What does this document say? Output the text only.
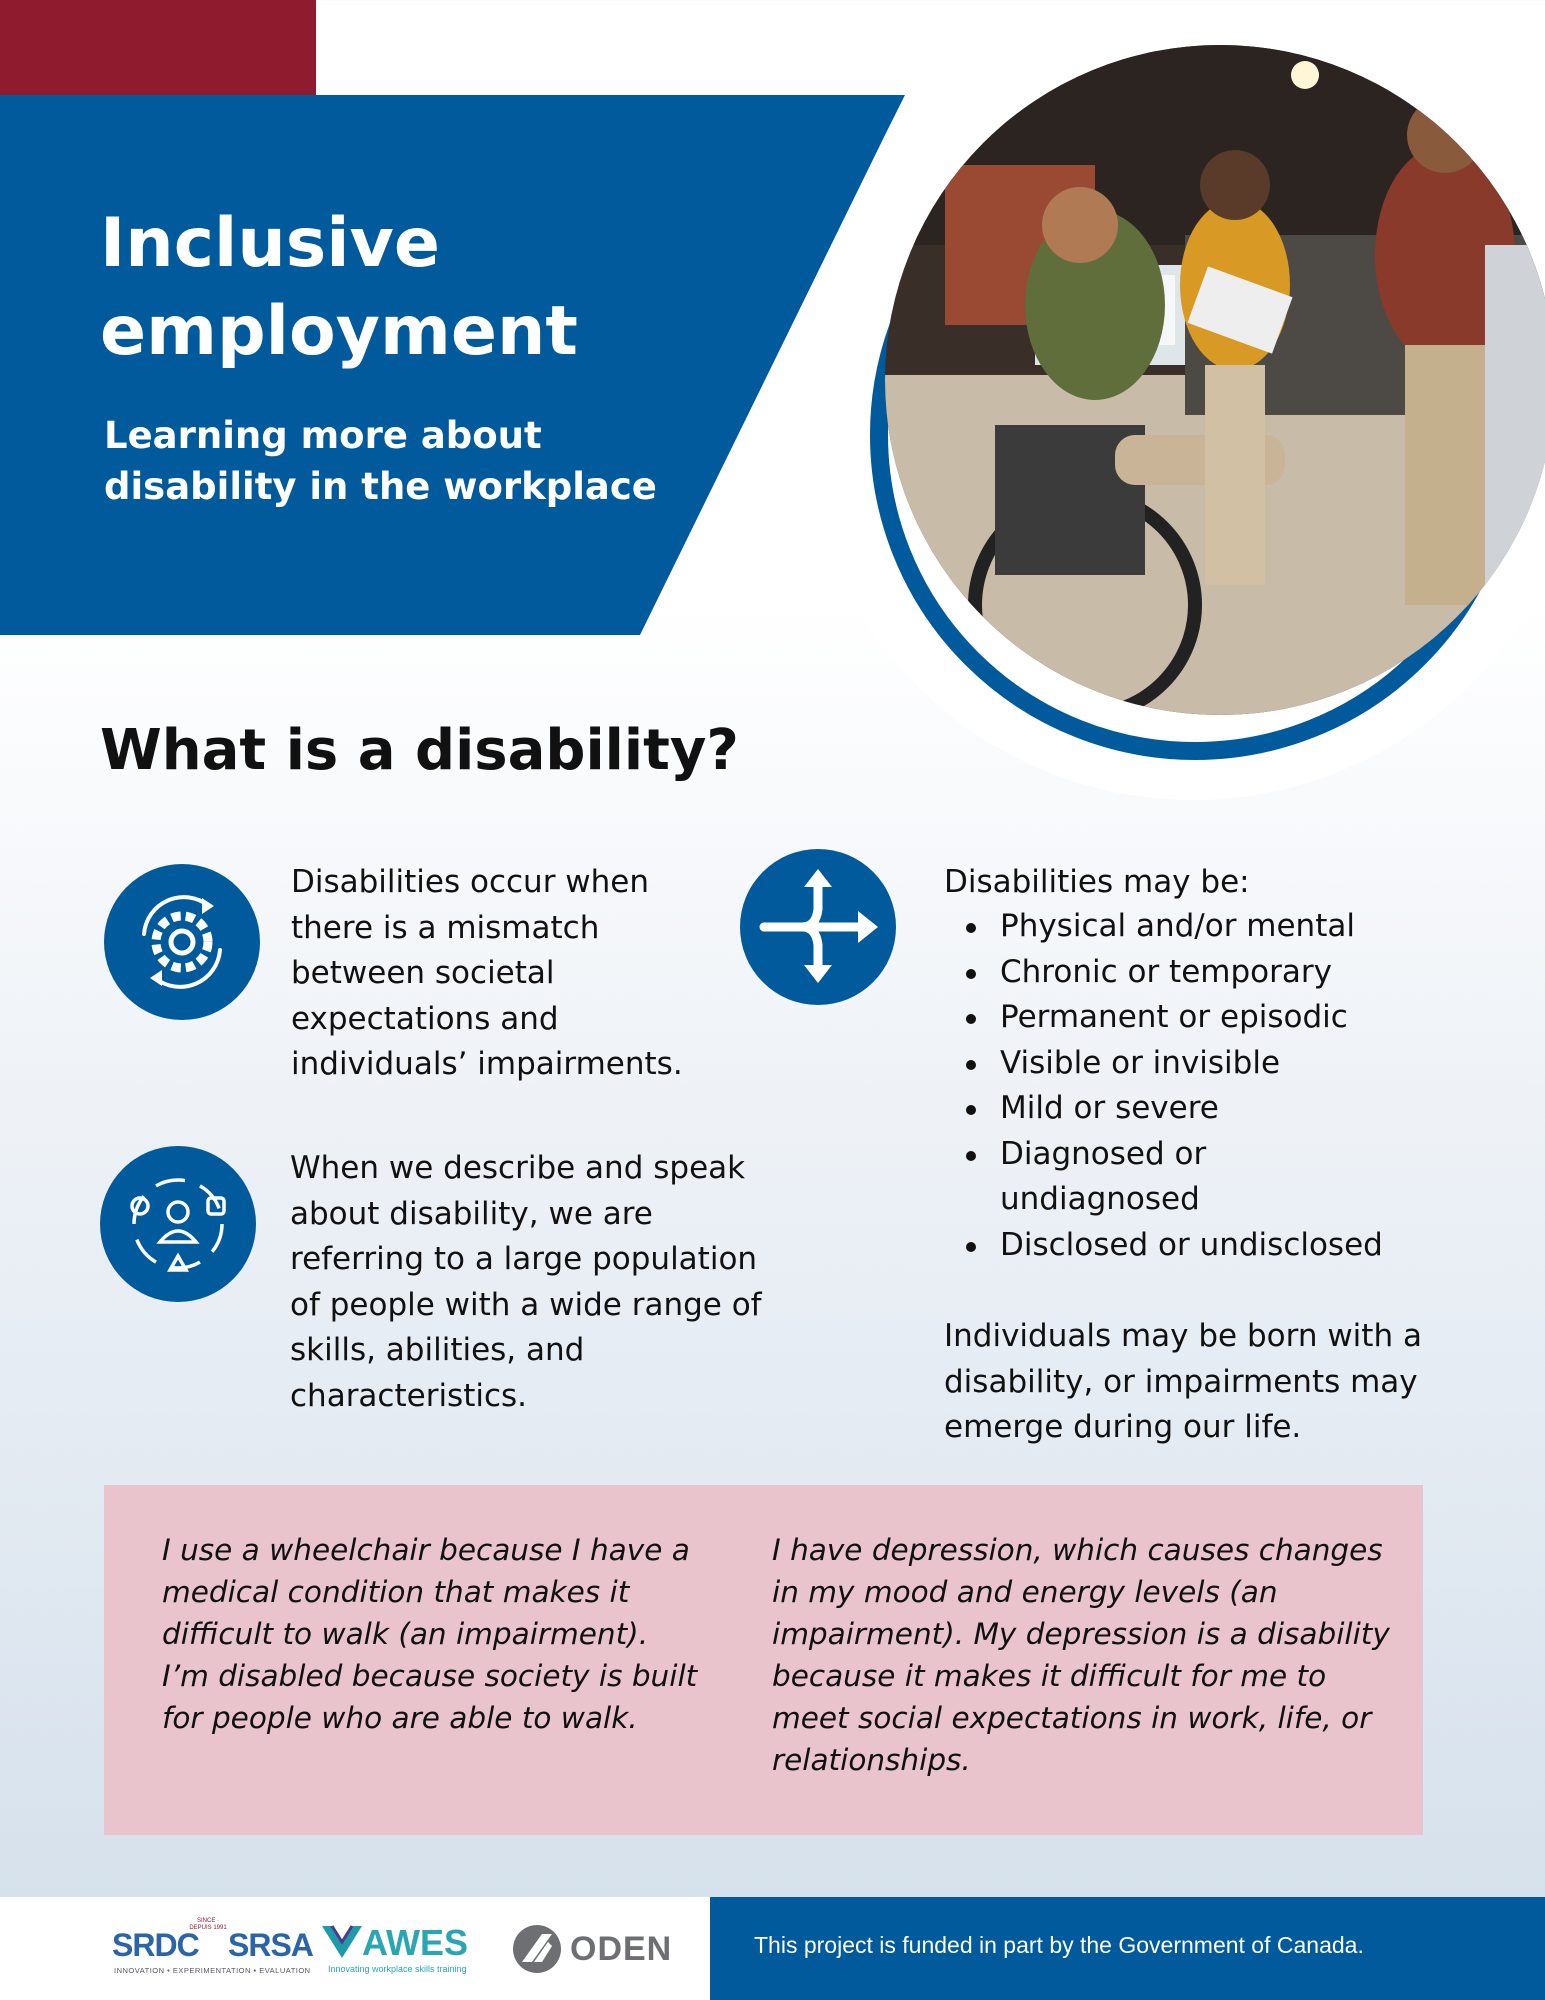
Inclusive employment
Learning more about disability in the workplace
What is a disability?
Disabilities occur when there is a mismatch between societal expectations and individuals’ impairments.
When we describe and speak about disability, we are referring to a large population of people with a wide range of skills, abilities, and characteristics.
Disabilities may be:
Physical and/or mental
Chronic or temporary
Permanent or episodic
Visible or invisible
Mild or severe
Diagnosed or undiagnosed
Disclosed or undisclosed
Individuals may be born with a disability, or impairments may emerge during our life.
I use a wheelchair because I have a medical condition that makes it difficult to walk (an impairment). I’m disabled because society is built for people who are able to walk.
I have depression, which causes changes in my mood and energy levels (an impairment). My depression is a disability because it makes it difficult for me to meet social expectations in work, life, or relationships.
SRDC
SINCE · DEPUIS 1991 SRSA
INNOVATION • EXPERIMENTATION • EVALUATION
AWES
Innovating workplace skills training
ODEN	This project is funded in part by the Government of Canada.
